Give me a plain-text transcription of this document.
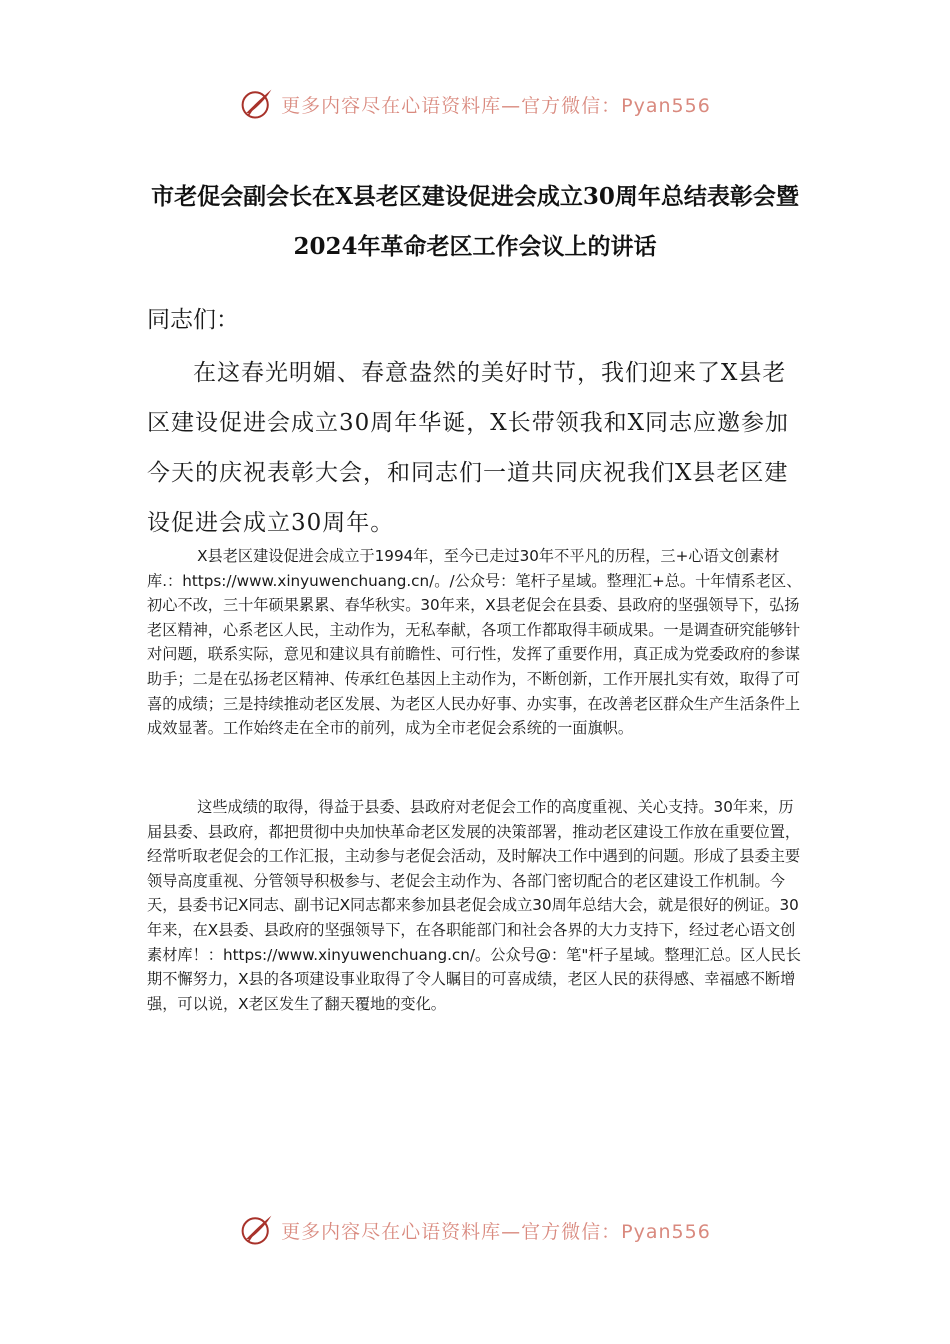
更多内容尽在心语资料库—官方微信：Pyan556
市老促会副会长在X县老区建设促进会成立30周年总结表彰会暨2024年革命老区工作会议上的讲话
同志们：

在这春光明媚、春意盎然的美好时节，我们迎来了X县老区建设促进会成立30周年华诞，X长带领我和X同志应邀参加今天的庆祝表彰大会，和同志们一道共同庆祝我们X县老区建设促进会成立30周年。

X县老区建设促进会成立于1994年，至今已走过30年不平凡的历程，三+心语文创素材库.：https://www.xinyuwenchuang.cn/。/公众号：笔杆子星域。整理汇+总。十年情系老区、初心不改，三十年硕果累累、春华秋实。30年来，X县老促会在县委、县政府的坚强领导下，弘扬老区精神，心系老区人民，主动作为，无私奉献，各项工作都取得丰硕成果。一是调查研究能够针对问题，联系实际，意见和建议具有前瞻性、可行性，发挥了重要作用，真正成为党委政府的参谋助手；二是在弘扬老区精神、传承红色基因上主动作为，不断创新，工作开展扎实有效，取得了可喜的成绩；三是持续推动老区发展、为老区人民办好事、办实事，在改善老区群众生产生活条件上成效显著。工作始终走在全市的前列，成为全市老促会系统的一面旗帜。

这些成绩的取得，得益于县委、县政府对老促会工作的高度重视、关心支持。30年来，历届县委、县政府，都把贯彻中央加快革命老区发展的决策部署，推动老区建设工作放在重要位置，经常听取老促会的工作汇报，主动参与老促会活动，及时解决工作中遇到的问题。形成了县委主要领导高度重视、分管领导积极参与、老促会主动作为、各部门密切配合的老区建设工作机制。今天，县委书记X同志、副书记X同志都来参加县老促会成立30周年总结大会，就是很好的例证。30年来，在X县委、县政府的坚强领导下，在各职能部门和社会各界的大力支持下，经过老心语文创素材库！：https://www.xinyuwenchuang.cn/。公众号@：笔"杆子星域。整理汇总。区人民长期不懈努力，X县的各项建设事业取得了令人瞩目的可喜成绩，老区人民的获得感、幸福感不断增强，可以说，X老区发生了翻天覆地的变化。

更多内容尽在心语资料库—官方微信：Pyan556
